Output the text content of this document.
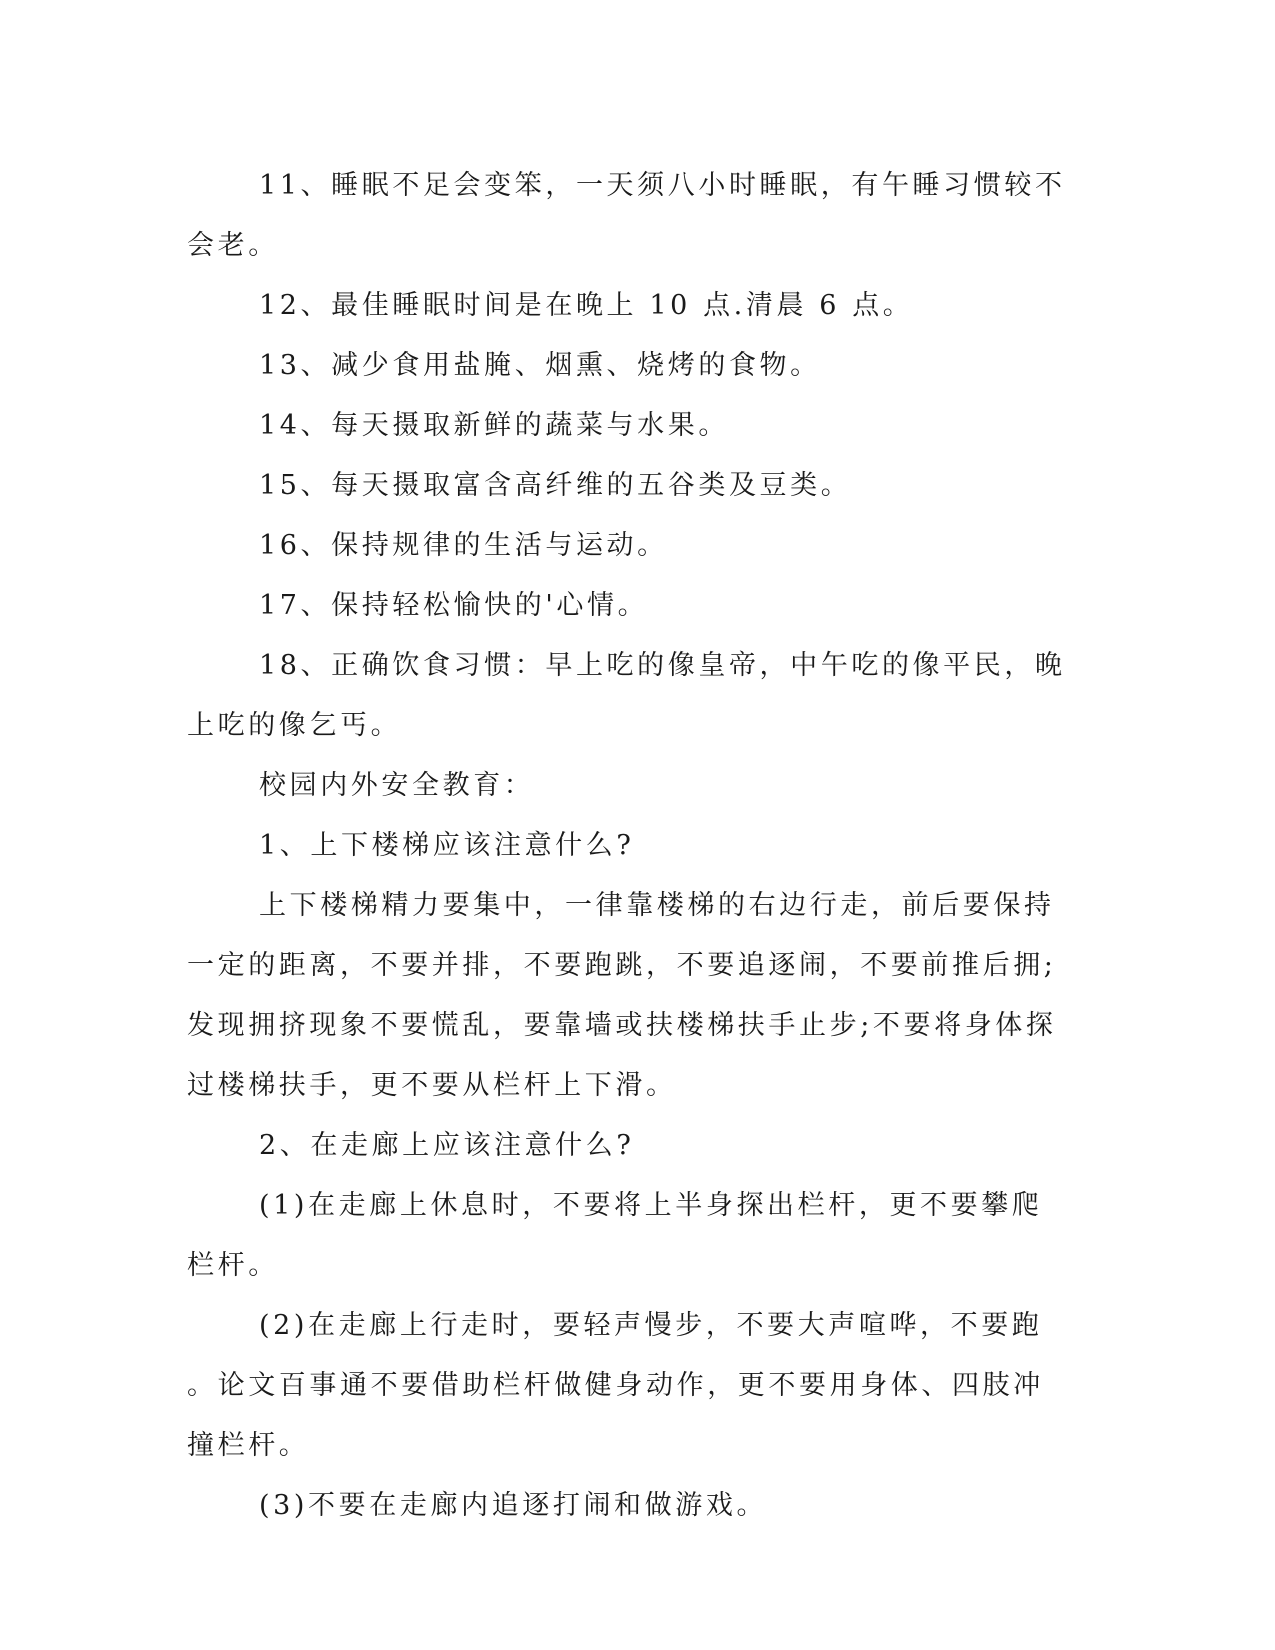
11、睡眠不足会变笨，一天须八小时睡眠，有午睡习惯较不会老。

12、最佳睡眠时间是在晚上 10 点.清晨 6 点。

13、减少食用盐腌、烟熏、烧烤的食物。

14、每天摄取新鲜的蔬菜与水果。

15、每天摄取富含高纤维的五谷类及豆类。

16、保持规律的生活与运动。

17、保持轻松愉快的'心情。

18、正确饮食习惯：早上吃的像皇帝，中午吃的像平民，晚上吃的像乞丐。

校园内外安全教育：

1、上下楼梯应该注意什么?

上下楼梯精力要集中，一律靠楼梯的右边行走，前后要保持一定的距离，不要并排，不要跑跳，不要追逐闹，不要前推后拥;发现拥挤现象不要慌乱，要靠墙或扶楼梯扶手止步;不要将身体探过楼梯扶手，更不要从栏杆上下滑。

2、在走廊上应该注意什么?

(1)在走廊上休息时，不要将上半身探出栏杆，更不要攀爬栏杆。

(2)在走廊上行走时，要轻声慢步，不要大声喧哗，不要跑。论文百事通不要借助栏杆做健身动作，更不要用身体、四肢冲撞栏杆。

(3)不要在走廊内追逐打闹和做游戏。
